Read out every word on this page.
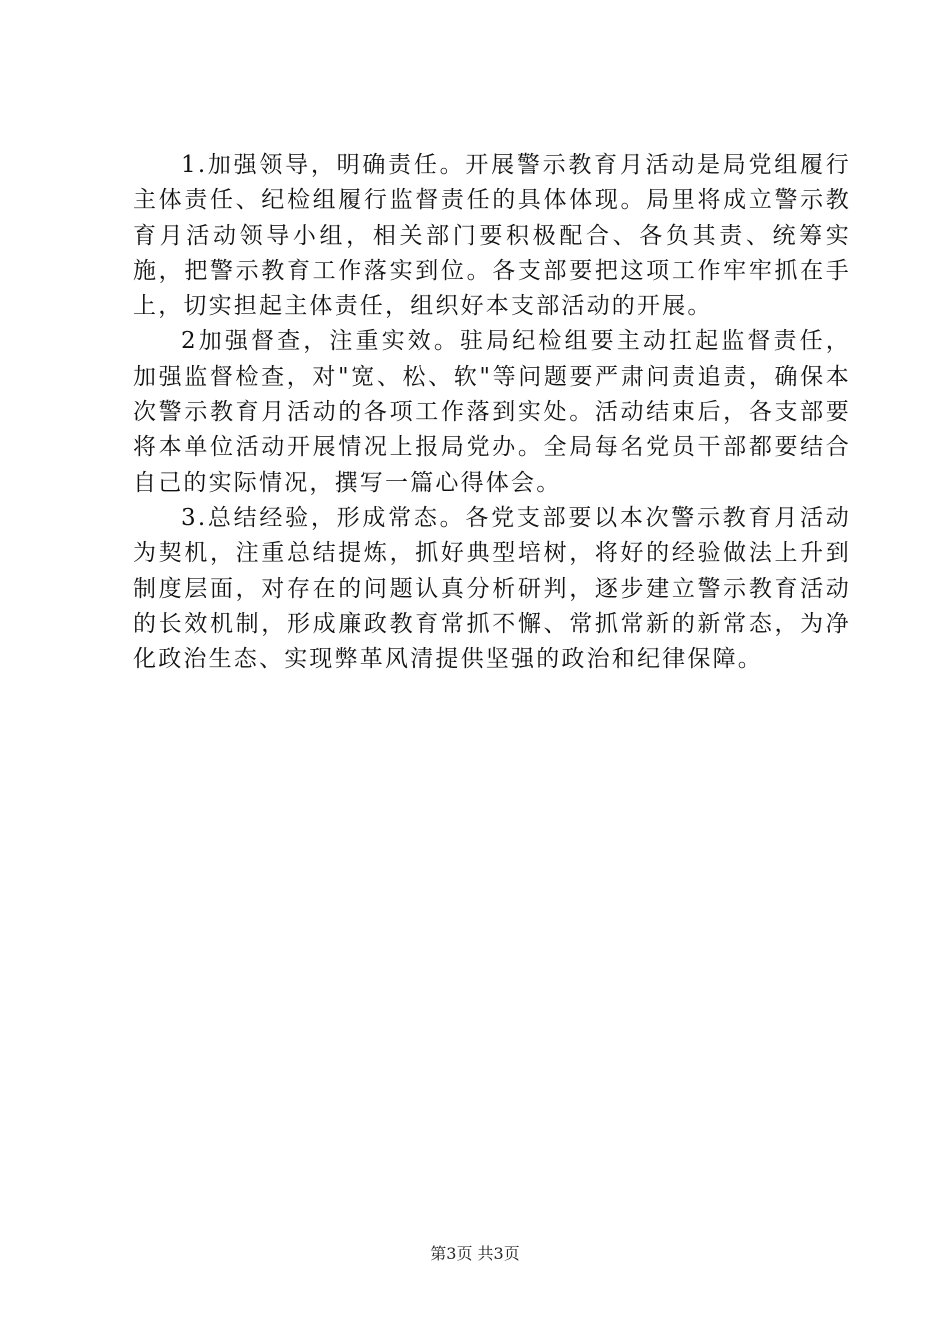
1.加强领导，明确责任。开展警示教育月活动是局党组履行主体责任、纪检组履行监督责任的具体体现。局里将成立警示教育月活动领导小组，相关部门要积极配合、各负其责、统筹实施，把警示教育工作落实到位。各支部要把这项工作牢牢抓在手上，切实担起主体责任，组织好本支部活动的开展。

2加强督查，注重实效。驻局纪检组要主动扛起监督责任，加强监督检查，对"宽、松、软"等问题要严肃问责追责，确保本次警示教育月活动的各项工作落到实处。活动结束后，各支部要将本单位活动开展情况上报局党办。全局每名党员干部都要结合自己的实际情况，撰写一篇心得体会。

3.总结经验，形成常态。各党支部要以本次警示教育月活动为契机，注重总结提炼，抓好典型培树，将好的经验做法上升到制度层面，对存在的问题认真分析研判，逐步建立警示教育活动的长效机制，形成廉政教育常抓不懈、常抓常新的新常态，为净化政治生态、实现弊革风清提供坚强的政治和纪律保障。

第3页 共3页
